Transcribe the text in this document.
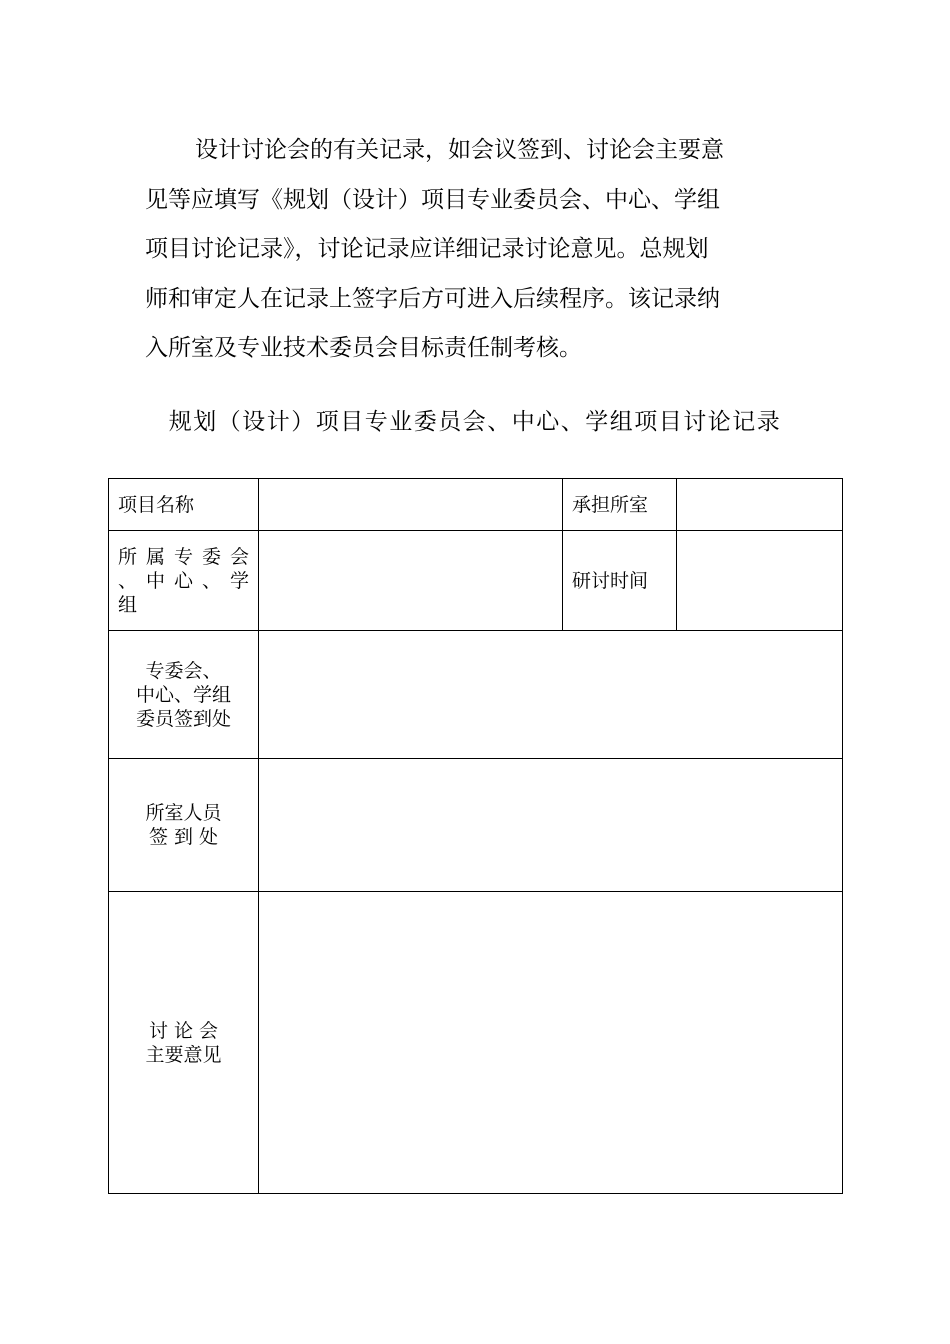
设计讨论会的有关记录，如会议签到、讨论会主要意
见等应填写《规划（设计）项目专业委员会、中心、学组
项目讨论记录》，讨论记录应详细记录讨论意见。总规划
师和审定人在记录上签字后方可进入后续程序。该记录纳
入所室及专业技术委员会目标责任制考核。
规划（设计）项目专业委员会、中心、学组项目讨论记录
项目名称		承担所室	
所 属 专 委 会 、 中 心 、 学组		研讨时间	

专委会、
中心、学组
委员签到处			

所室人员
签 到 处			

讨 论 会
主要意见			
